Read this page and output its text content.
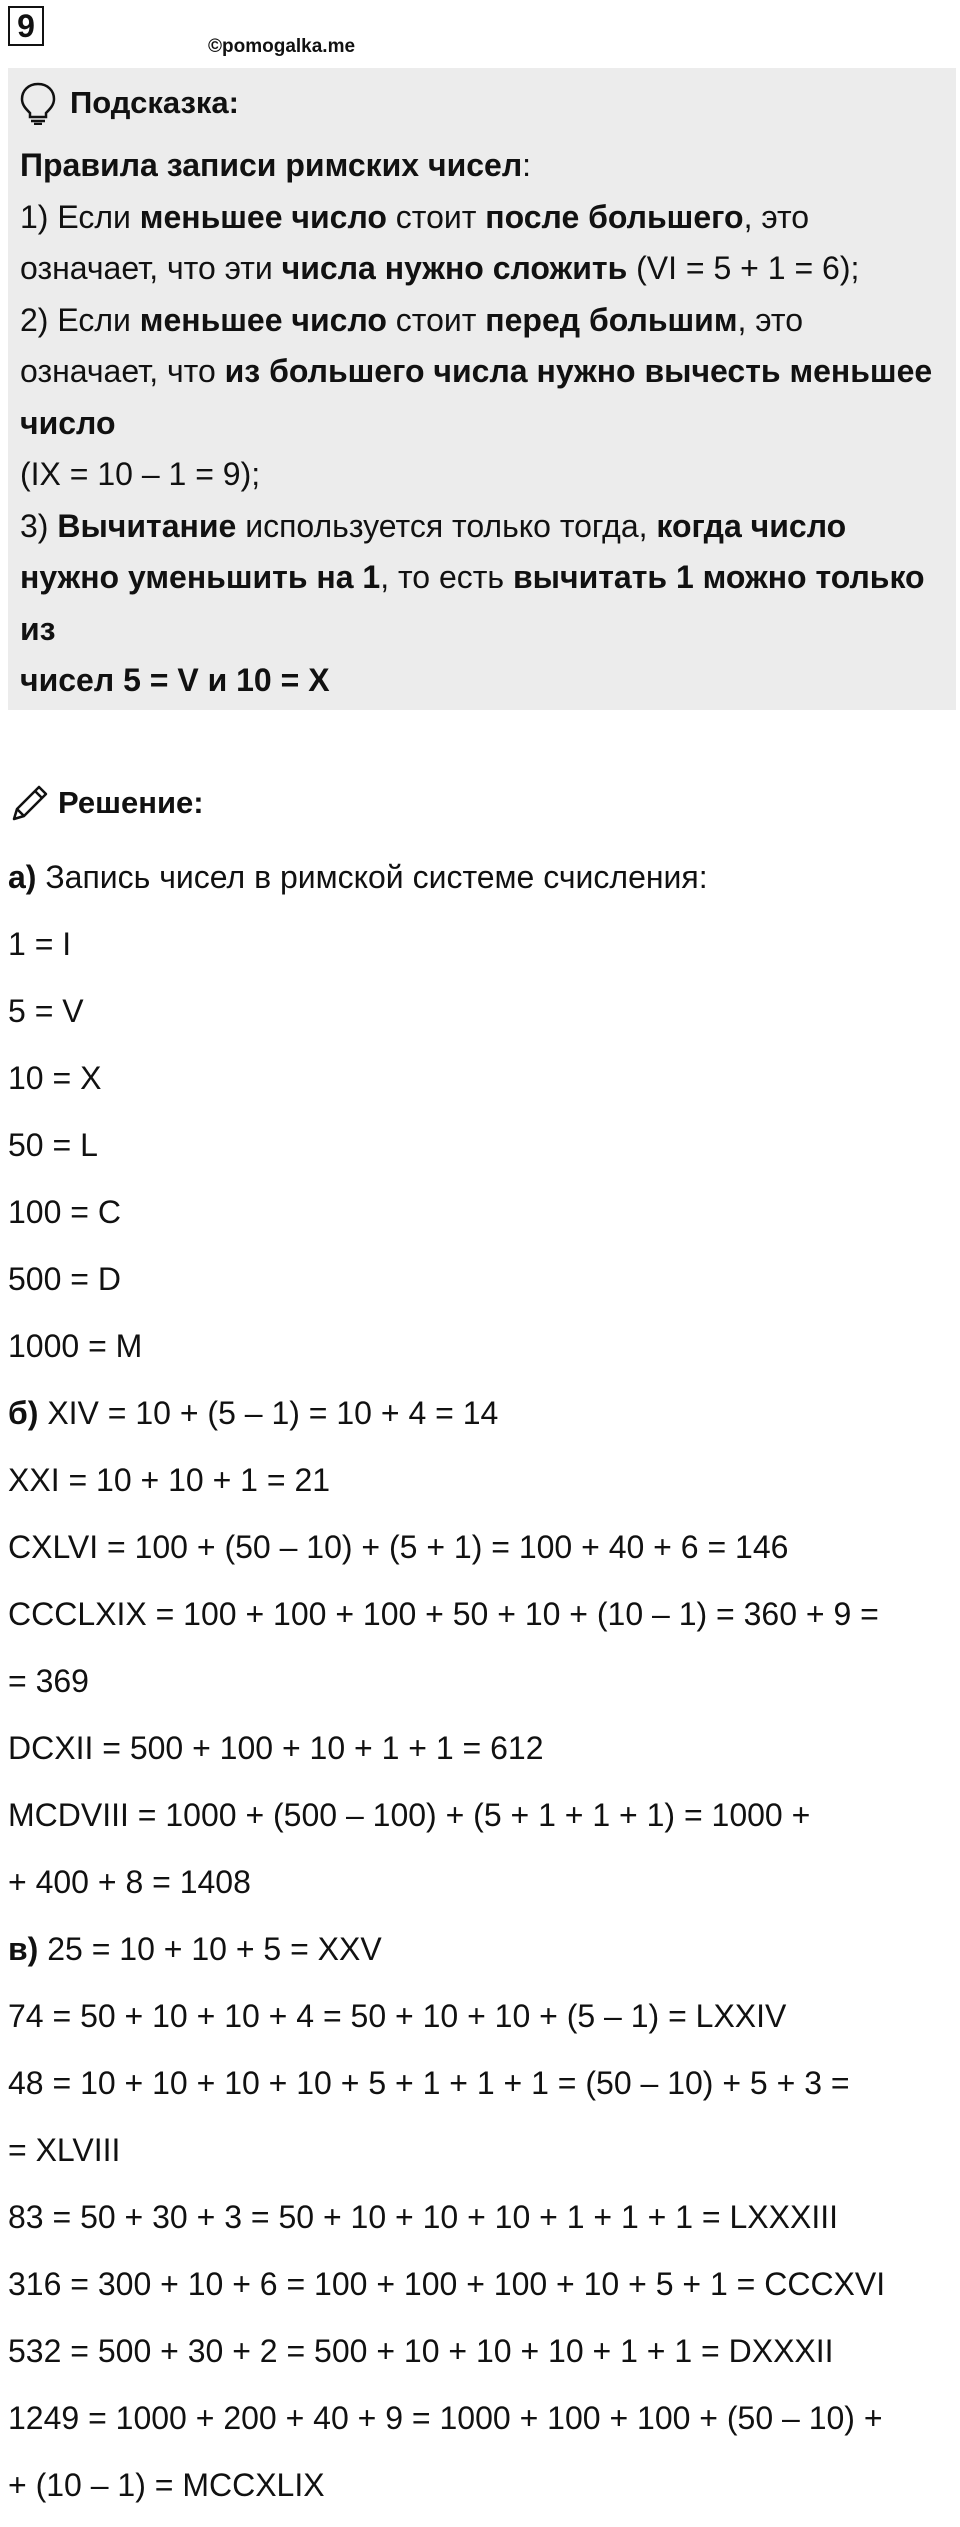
9
©pomogalka.me
Подсказка:
Правила записи римских чисел:
1) Если меньшее число стоит после большего, это
означает, что эти числа нужно сложить (VI = 5 + 1 = 6);
2) Если меньшее число стоит перед большим, это
означает, что из большего числа нужно вычесть меньшее
число
(IX = 10 – 1 = 9);
3) Вычитание используется только тогда, когда число
нужно уменьшить на 1, то есть вычитать 1 можно только
из
чисел 5 = V и 10 = X
Решение:
а) Запись чисел в римской системе счисления:
1 = I
5 = V
10 = X
50 = L
100 = C
500 = D
1000 = M
б) XIV = 10 + (5 – 1) = 10 + 4 = 14
XXI = 10 + 10 + 1 = 21
CXLVI = 100 + (50 – 10) + (5 + 1) = 100 + 40 + 6 = 146
CCCLXIX = 100 + 100 + 100 + 50 + 10 + (10 – 1) = 360 + 9 =
= 369
DCXII = 500 + 100 + 10 + 1 + 1 = 612
MCDVIII = 1000 + (500 – 100) + (5 + 1 + 1 + 1) = 1000 +
+ 400 + 8 = 1408
в) 25 = 10 + 10 + 5 = XXV
74 = 50 + 10 + 10 + 4 = 50 + 10 + 10 + (5 – 1) = LXXIV
48 = 10 + 10 + 10 + 10 + 5 + 1 + 1 + 1 = (50 – 10) + 5 + 3 =
= XLVIII
83 = 50 + 30 + 3 = 50 + 10 + 10 + 10 + 1 + 1 + 1 = LXXXIII
316 = 300 + 10 + 6 = 100 + 100 + 100 + 10 + 5 + 1 = CCCXVI
532 = 500 + 30 + 2 = 500 + 10 + 10 + 10 + 1 + 1 = DXXXII
1249 = 1000 + 200 + 40 + 9 = 1000 + 100 + 100 + (50 – 10) +
+ (10 – 1) = MCCXLIX
